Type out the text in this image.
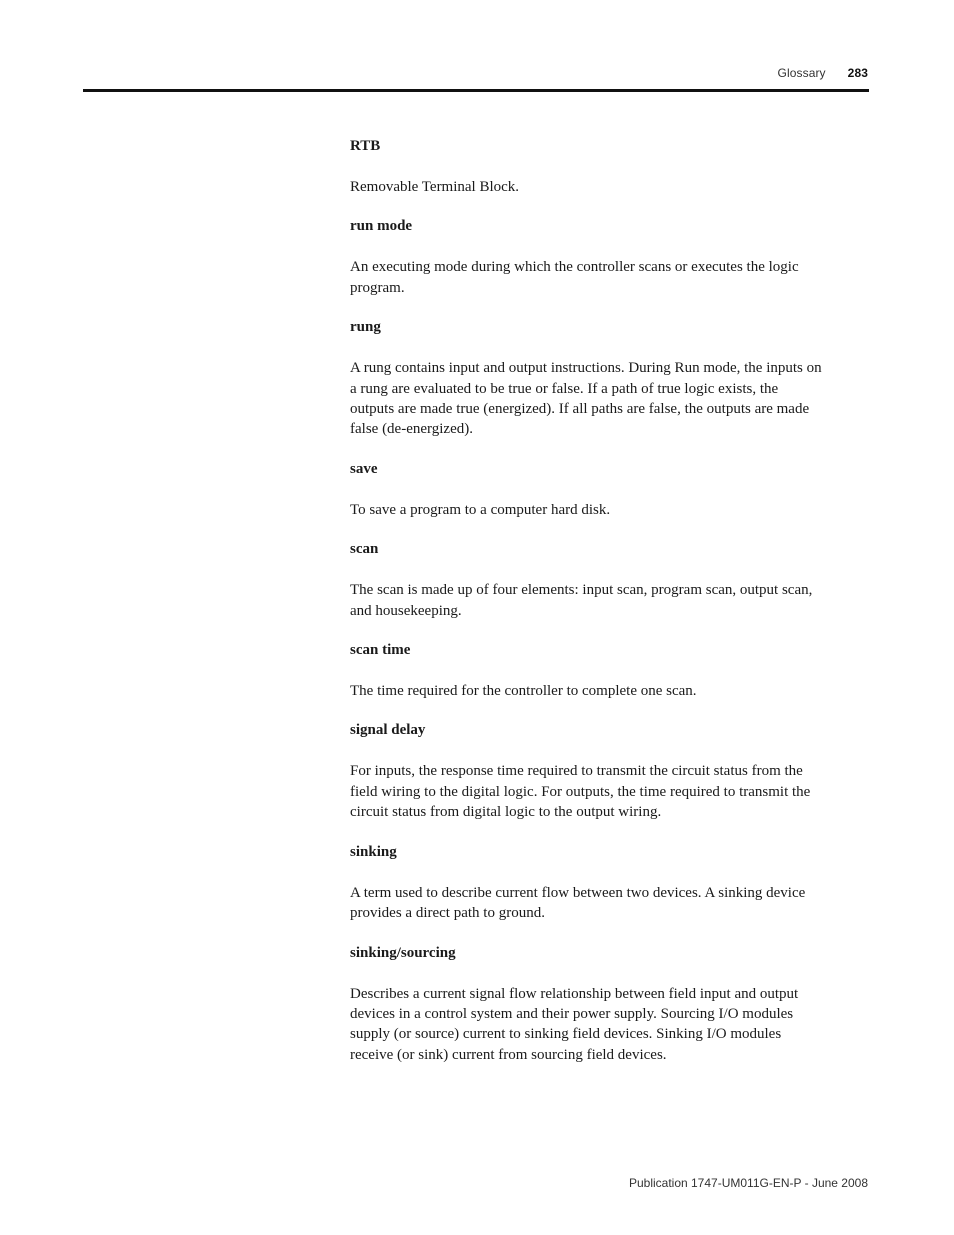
Glossary 283

RTB

Removable Terminal Block.

run mode

An executing mode during which the controller scans or executes the logic program.

rung

A rung contains input and output instructions. During Run mode, the inputs on a rung are evaluated to be true or false. If a path of true logic exists, the outputs are made true (energized). If all paths are false, the outputs are made false (de-energized).

save

To save a program to a computer hard disk.

scan

The scan is made up of four elements: input scan, program scan, output scan, and housekeeping.

scan time

The time required for the controller to complete one scan.

signal delay

For inputs, the response time required to transmit the circuit status from the field wiring to the digital logic. For outputs, the time required to transmit the circuit status from digital logic to the output wiring.

sinking

A term used to describe current flow between two devices. A sinking device provides a direct path to ground.

sinking/sourcing

Describes a current signal flow relationship between field input and output devices in a control system and their power supply. Sourcing I/O modules supply (or source) current to sinking field devices. Sinking I/O modules receive (or sink) current from sourcing field devices.

Publication 1747-UM011G-EN-P - June 2008
